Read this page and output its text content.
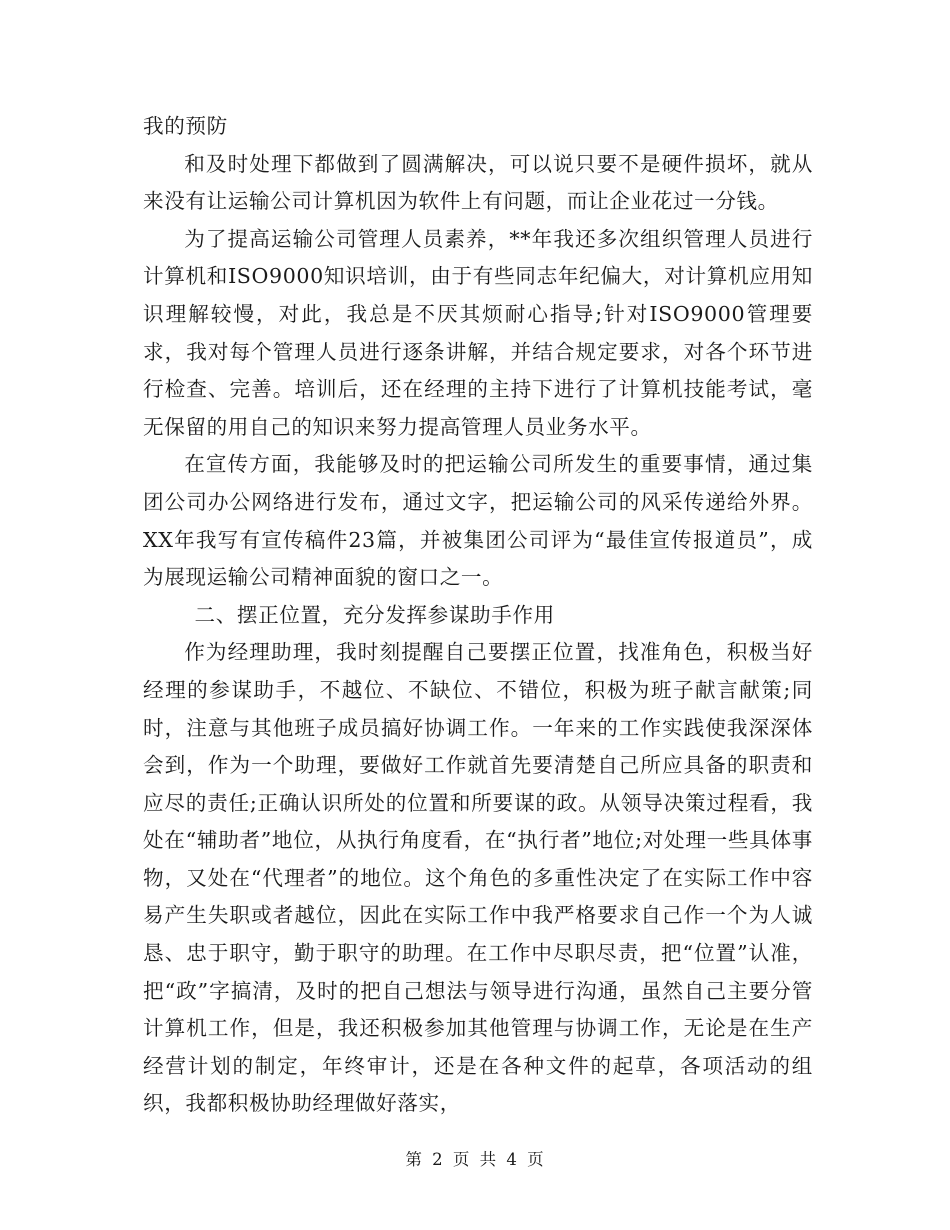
我的预防

和及时处理下都做到了圆满解决，可以说只要不是硬件损坏，就从来没有让运输公司计算机因为软件上有问题，而让企业花过一分钱。

为了提高运输公司管理人员素养，**年我还多次组织管理人员进行计算机和ISO9000知识培训，由于有些同志年纪偏大，对计算机应用知识理解较慢，对此，我总是不厌其烦耐心指导;针对ISO9000管理要求，我对每个管理人员进行逐条讲解，并结合规定要求，对各个环节进行检查、完善。培训后，还在经理的主持下进行了计算机技能考试，毫无保留的用自己的知识来努力提高管理人员业务水平。

在宣传方面，我能够及时的把运输公司所发生的重要事情，通过集团公司办公网络进行发布，通过文字，把运输公司的风采传递给外界。XX年我写有宣传稿件23篇，并被集团公司评为“最佳宣传报道员”，成为展现运输公司精神面貌的窗口之一。

二、摆正位置，充分发挥参谋助手作用

作为经理助理，我时刻提醒自己要摆正位置，找准角色，积极当好经理的参谋助手，不越位、不缺位、不错位，积极为班子献言献策;同时，注意与其他班子成员搞好协调工作。一年来的工作实践使我深深体会到，作为一个助理，要做好工作就首先要清楚自己所应具备的职责和应尽的责任;正确认识所处的位置和所要谋的政。从领导决策过程看，我处在“辅助者”地位，从执行角度看，在“执行者”地位;对处理一些具体事物，又处在“代理者”的地位。这个角色的多重性决定了在实际工作中容易产生失职或者越位，因此在实际工作中我严格要求自己作一个为人诚恳、忠于职守，勤于职守的助理。在工作中尽职尽责，把“位置”认准，把“政”字搞清，及时的把自己想法与领导进行沟通，虽然自己主要分管计算机工作，但是，我还积极参加其他管理与协调工作，无论是在生产经营计划的制定，年终审计，还是在各种文件的起草，各项活动的组织，我都积极协助经理做好落实，

第 2 页 共 4 页
